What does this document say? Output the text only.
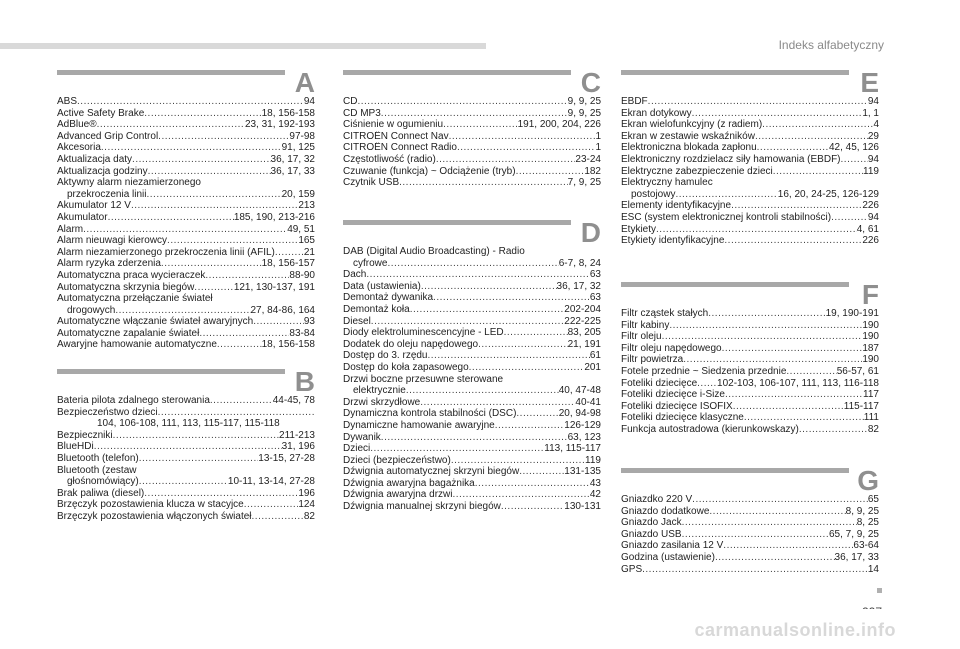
Indeks alfabetyczny
A
ABS .....	94
Active Safety Brake .....	18, 156-158
AdBlue® .....	23, 31, 192-193
Advanced Grip Control .....	97-98
Akcesoria .....	91, 125
Aktualizacja daty .....	36, 17, 32
Aktualizacja godziny .....	36, 17, 33
Aktywny alarm niezamierzonego
przekroczenia linii .....	20, 159
Akumulator 12 V .....	213
Akumulator .....	185, 190, 213-216
Alarm .....	49, 51
Alarm nieuwagi kierowcy .....	165
Alarm niezamierzonego przekroczenia linii (AFIL) .....	21
Alarm ryzyka zderzenia .....	18, 156-157
Automatyczna praca wycieraczek .....	88-90
Automatyczna skrzynia biegów .....	121, 130-137, 191
Automatyczna przełączanie świateł
drogowych .....	27, 84-86, 164
Automatyczne włączanie świateł awaryjnych .....	93
Automatyczne zapalanie świateł .....	83-84
Awaryjne hamowanie automatyczne .....	18, 156-158
B
Bateria pilota zdalnego sterowania .....	44-45, 78
Bezpieczeństwo dzieci
.....
104, 106-108, 111, 113, 115-117, 115-118
Bezpieczniki .....	211-213
BlueHDi .....	31, 196
Bluetooth (telefon) .....	13-15, 27-28
Bluetooth (zestaw
głośnomówiący) .....	10-11, 13-14, 27-28
Brak paliwa (diesel) .....	196
Brzęczyk pozostawienia klucza w stacyjce .....	124
Brzęczyk pozostawienia włączonych świateł .....	82
C
CD .....	9, 9, 25
CD MP3 .....	9, 9, 25
Ciśnienie w ogumieniu .....	191, 200, 204, 226
CITROËN Connect Nav .....	1
CITROËN Connect Radio .....	1
Częstotliwość (radio) .....	23-24
Czuwanie (funkcja) ~ Odciążenie (tryb) .....	182
Czytnik USB .....	7, 9, 25
D
DAB (Digital Audio Broadcasting) - Radio
cyfrowe .....	6-7, 8, 24
Dach .....	63
Data (ustawienia) .....	36, 17, 32
Demontaż dywanika .....	63
Demontaż koła .....	202-204
Diesel .....	222-225
Diody elektroluminescencyjne - LED .....	83, 205
Dodatek do oleju napędowego .....	21, 191
Dostęp do 3. rzędu .....	61
Dostęp do koła zapasowego .....	201
Drzwi boczne przesuwne sterowane
elektrycznie .....	40, 47-48
Drzwi skrzydłowe .....	40-41
Dynamiczna kontrola stabilności (DSC) .....	20, 94-98
Dynamiczne hamowanie awaryjne .....	126-129
Dywanik .....	63, 123
Dzieci .....	113, 115-117
Dzieci (bezpieczeństwo) .....	119
Dźwignia automatycznej skrzyni biegów .....	131-135
Dźwignia awaryjna bagażnika .....	43
Dźwignia awaryjna drzwi .....	42
Dźwignia manualnej skrzyni biegów .....	130-131
E
EBDF .....	94
Ekran dotykowy .....	1, 1
Ekran wielofunkcyjny (z radiem) .....	4
Ekran w zestawie wskaźników .....	29
Elektroniczna blokada zapłonu .....	42, 45, 126
Elektroniczny rozdzielacz siły hamowania (EBDF) .....	94
Elektryczne zabezpieczenie dzieci .....	119
Elektryczny hamulec
postojowy .....	16, 20, 24-25, 126-129
Elementy identyfikacyjne .....	226
ESC (system elektronicznej kontroli stabilności) .....	94
Etykiety .....	4, 61
Etykiety identyfikacyjne .....	226
F
Filtr cząstek stałych .....	19, 190-191
Filtr kabiny .....	190
Filtr oleju .....	190
Filtr oleju napędowego .....	187
Filtr powietrza .....	190
Fotele przednie ~ Siedzenia przednie .....	56-57, 61
Foteliki dziecięce ..... 102-103, 106-107, 111, 113, 116-118
Foteliki dziecięce i-Size .....	117
Foteliki dziecięce ISOFIX .....	115-117
Foteliki dziecięce klasyczne .....	111
Funkcja autostradowa (kierunkowskazy) .....	82
G
Gniazdko 220 V .....	65
Gniazdo dodatkowe .....	8, 9, 25
Gniazdo Jack .....	8, 25
Gniazdo USB .....	65, 7, 9, 25
Gniazdo zasilania 12 V .....	63-64
Godzina (ustawienie) .....	36, 17, 33
GPS .....	14
carmanualsonline.info
